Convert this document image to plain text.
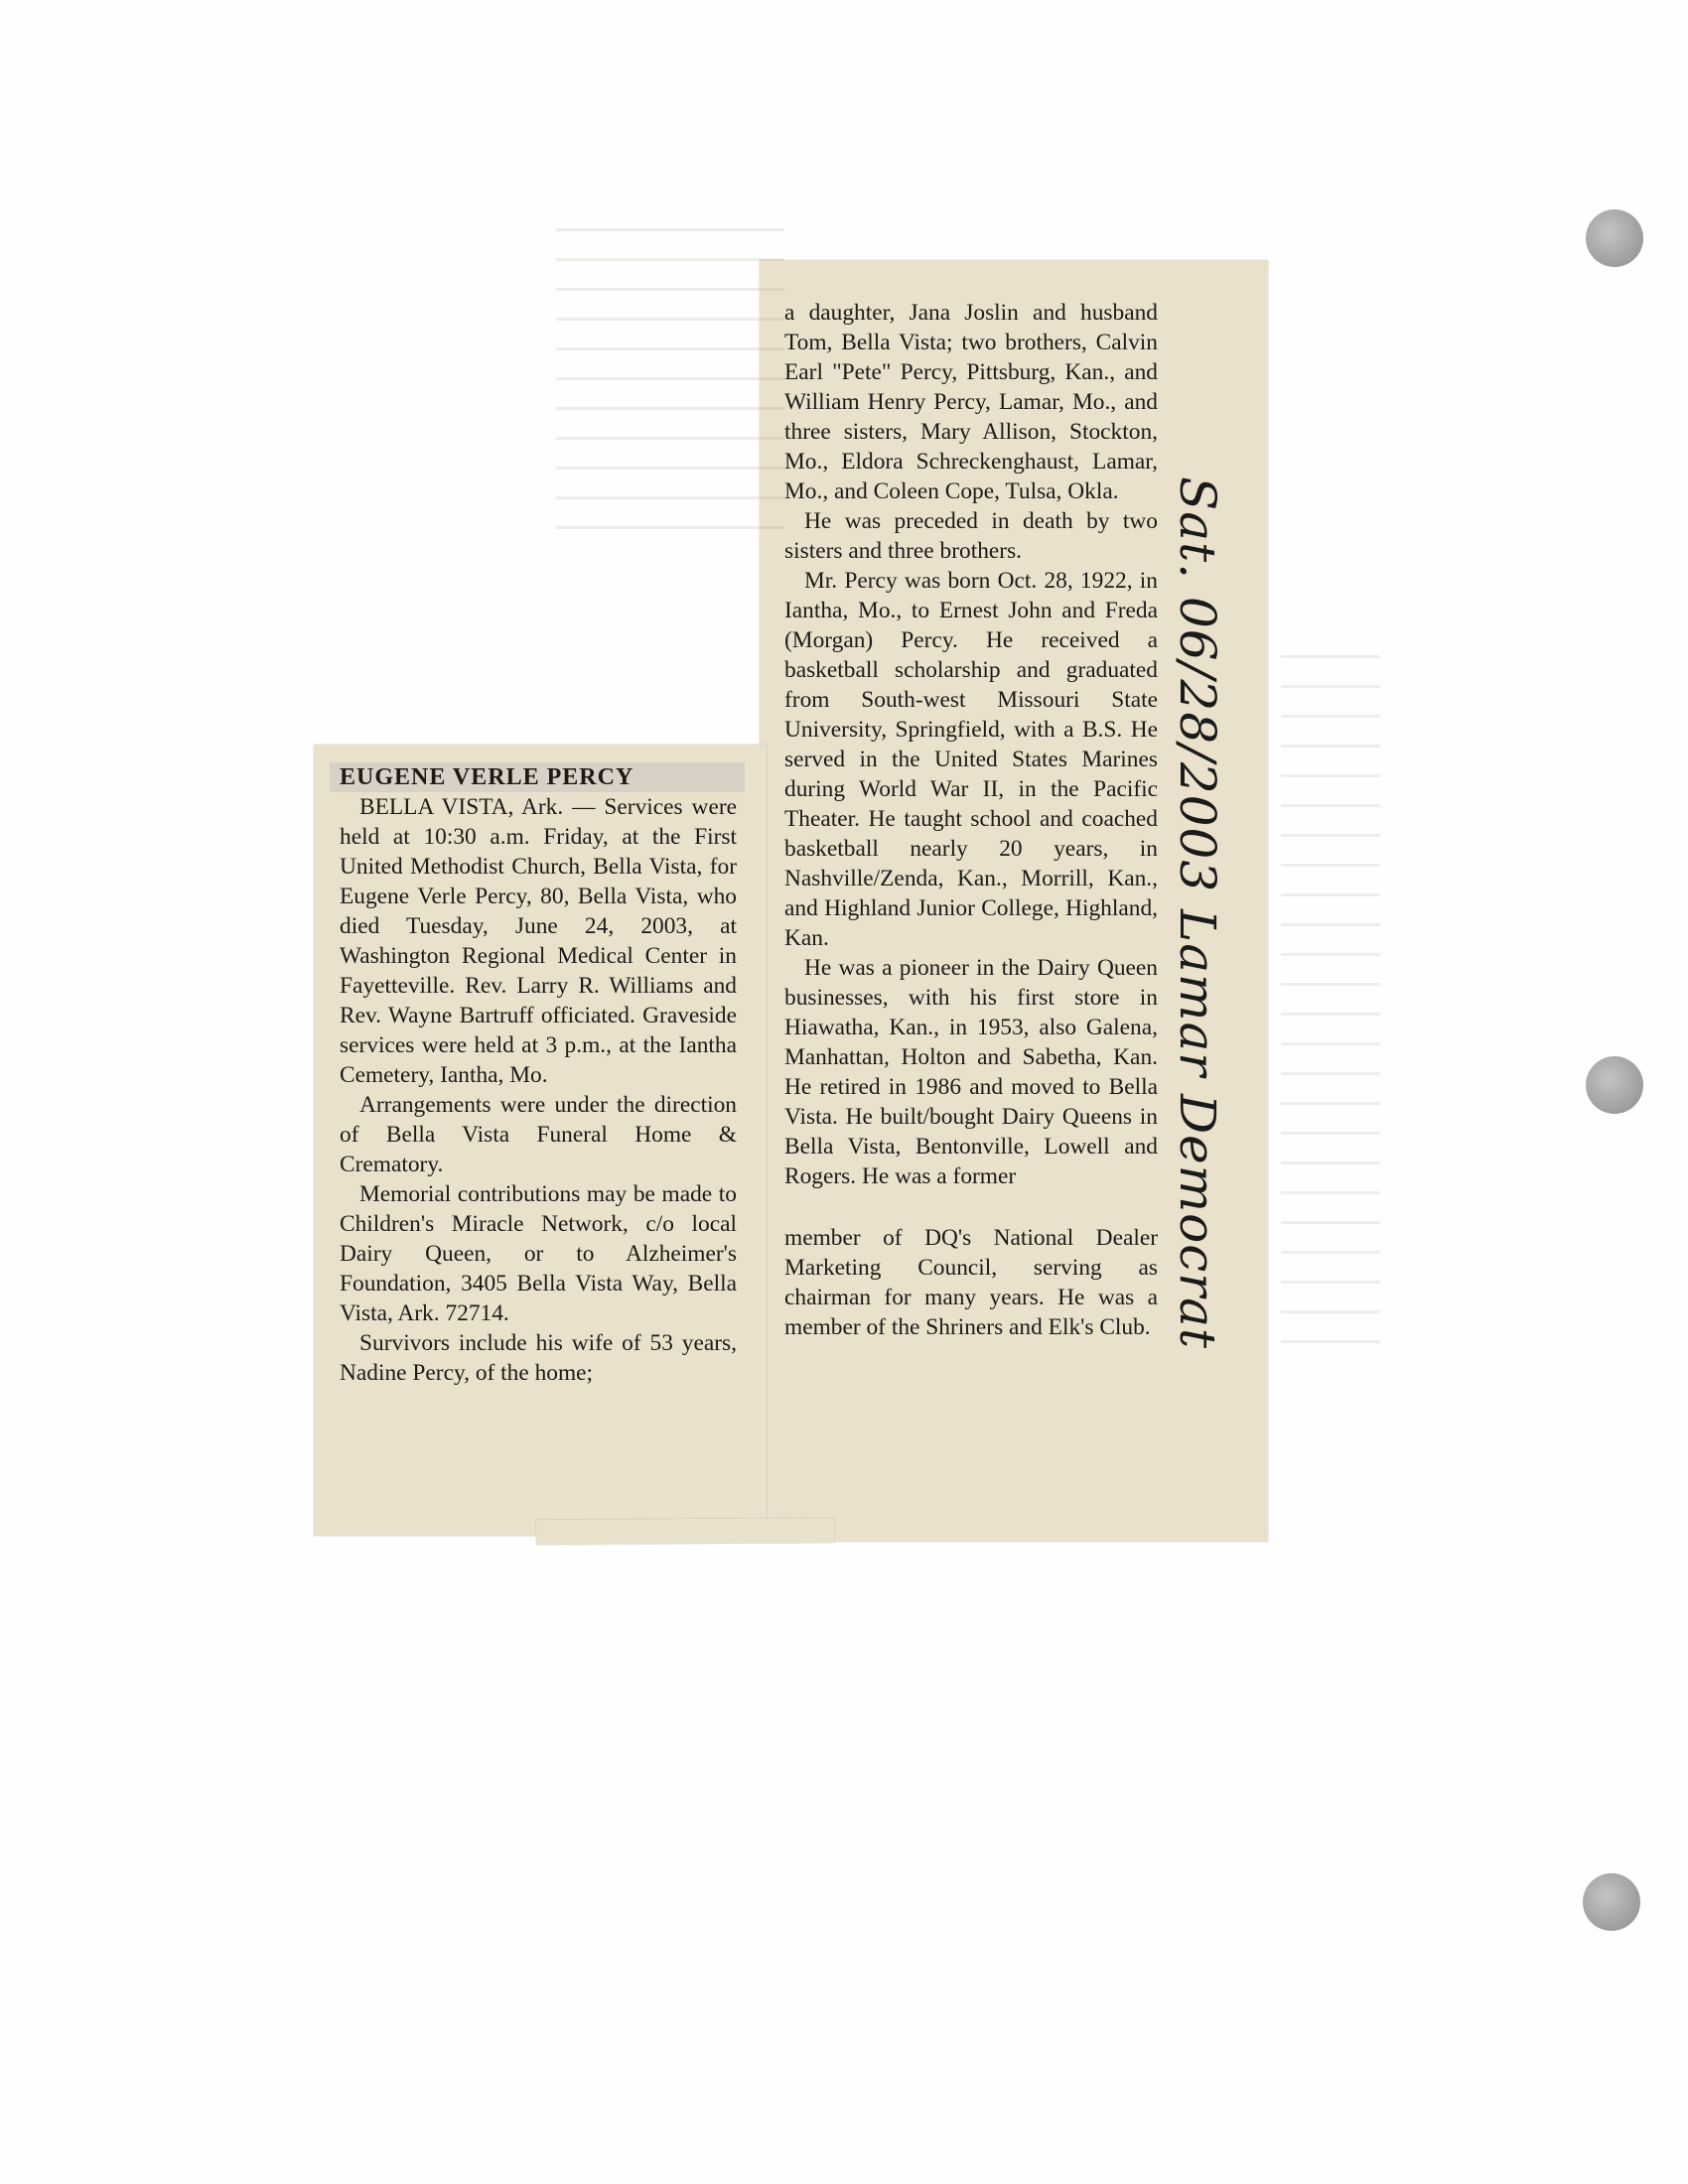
EUGENE VERLE PERCY

BELLA VISTA, Ark. — Services were held at 10:30 a.m. Friday, at the First United Methodist Church, Bella Vista, for Eugene Verle Percy, 80, Bella Vista, who died Tuesday, June 24, 2003, at Washington Regional Medical Center in Fayetteville. Rev. Larry R. Williams and Rev. Wayne Bartruff officiated. Graveside services were held at 3 p.m., at the Iantha Cemetery, Iantha, Mo.

Arrangements were under the direction of Bella Vista Funeral Home & Crematory.

Memorial contributions may be made to Children's Miracle Network, c/o local Dairy Queen, or to Alzheimer's Foundation, 3405 Bella Vista Way, Bella Vista, Ark. 72714.

Survivors include his wife of 53 years, Nadine Percy, of the home;

a daughter, Jana Joslin and husband Tom, Bella Vista; two brothers, Calvin Earl "Pete" Percy, Pittsburg, Kan., and William Henry Percy, Lamar, Mo., and three sisters, Mary Allison, Stockton, Mo., Eldora Schreckenghaust, Lamar, Mo., and Coleen Cope, Tulsa, Okla.

He was preceded in death by two sisters and three brothers.

Mr. Percy was born Oct. 28, 1922, in Iantha, Mo., to Ernest John and Freda (Morgan) Percy. He received a basketball scholarship and graduated from South-west Missouri State University, Springfield, with a B.S. He served in the United States Marines during World War II, in the Pacific Theater. He taught school and coached basketball nearly 20 years, in Nashville/Zenda, Kan., Morrill, Kan., and Highland Junior College, Highland, Kan.

He was a pioneer in the Dairy Queen businesses, with his first store in Hiawatha, Kan., in 1953, also Galena, Manhattan, Holton and Sabetha, Kan. He retired in 1986 and moved to Bella Vista. He built/bought Dairy Queens in Bella Vista, Bentonville, Lowell and Rogers. He was a former

member of DQ's National Dealer Marketing Council, serving as chairman for many years. He was a member of the Shriners and Elk's Club. Sat. 06/28/2003 Lamar Democrat
